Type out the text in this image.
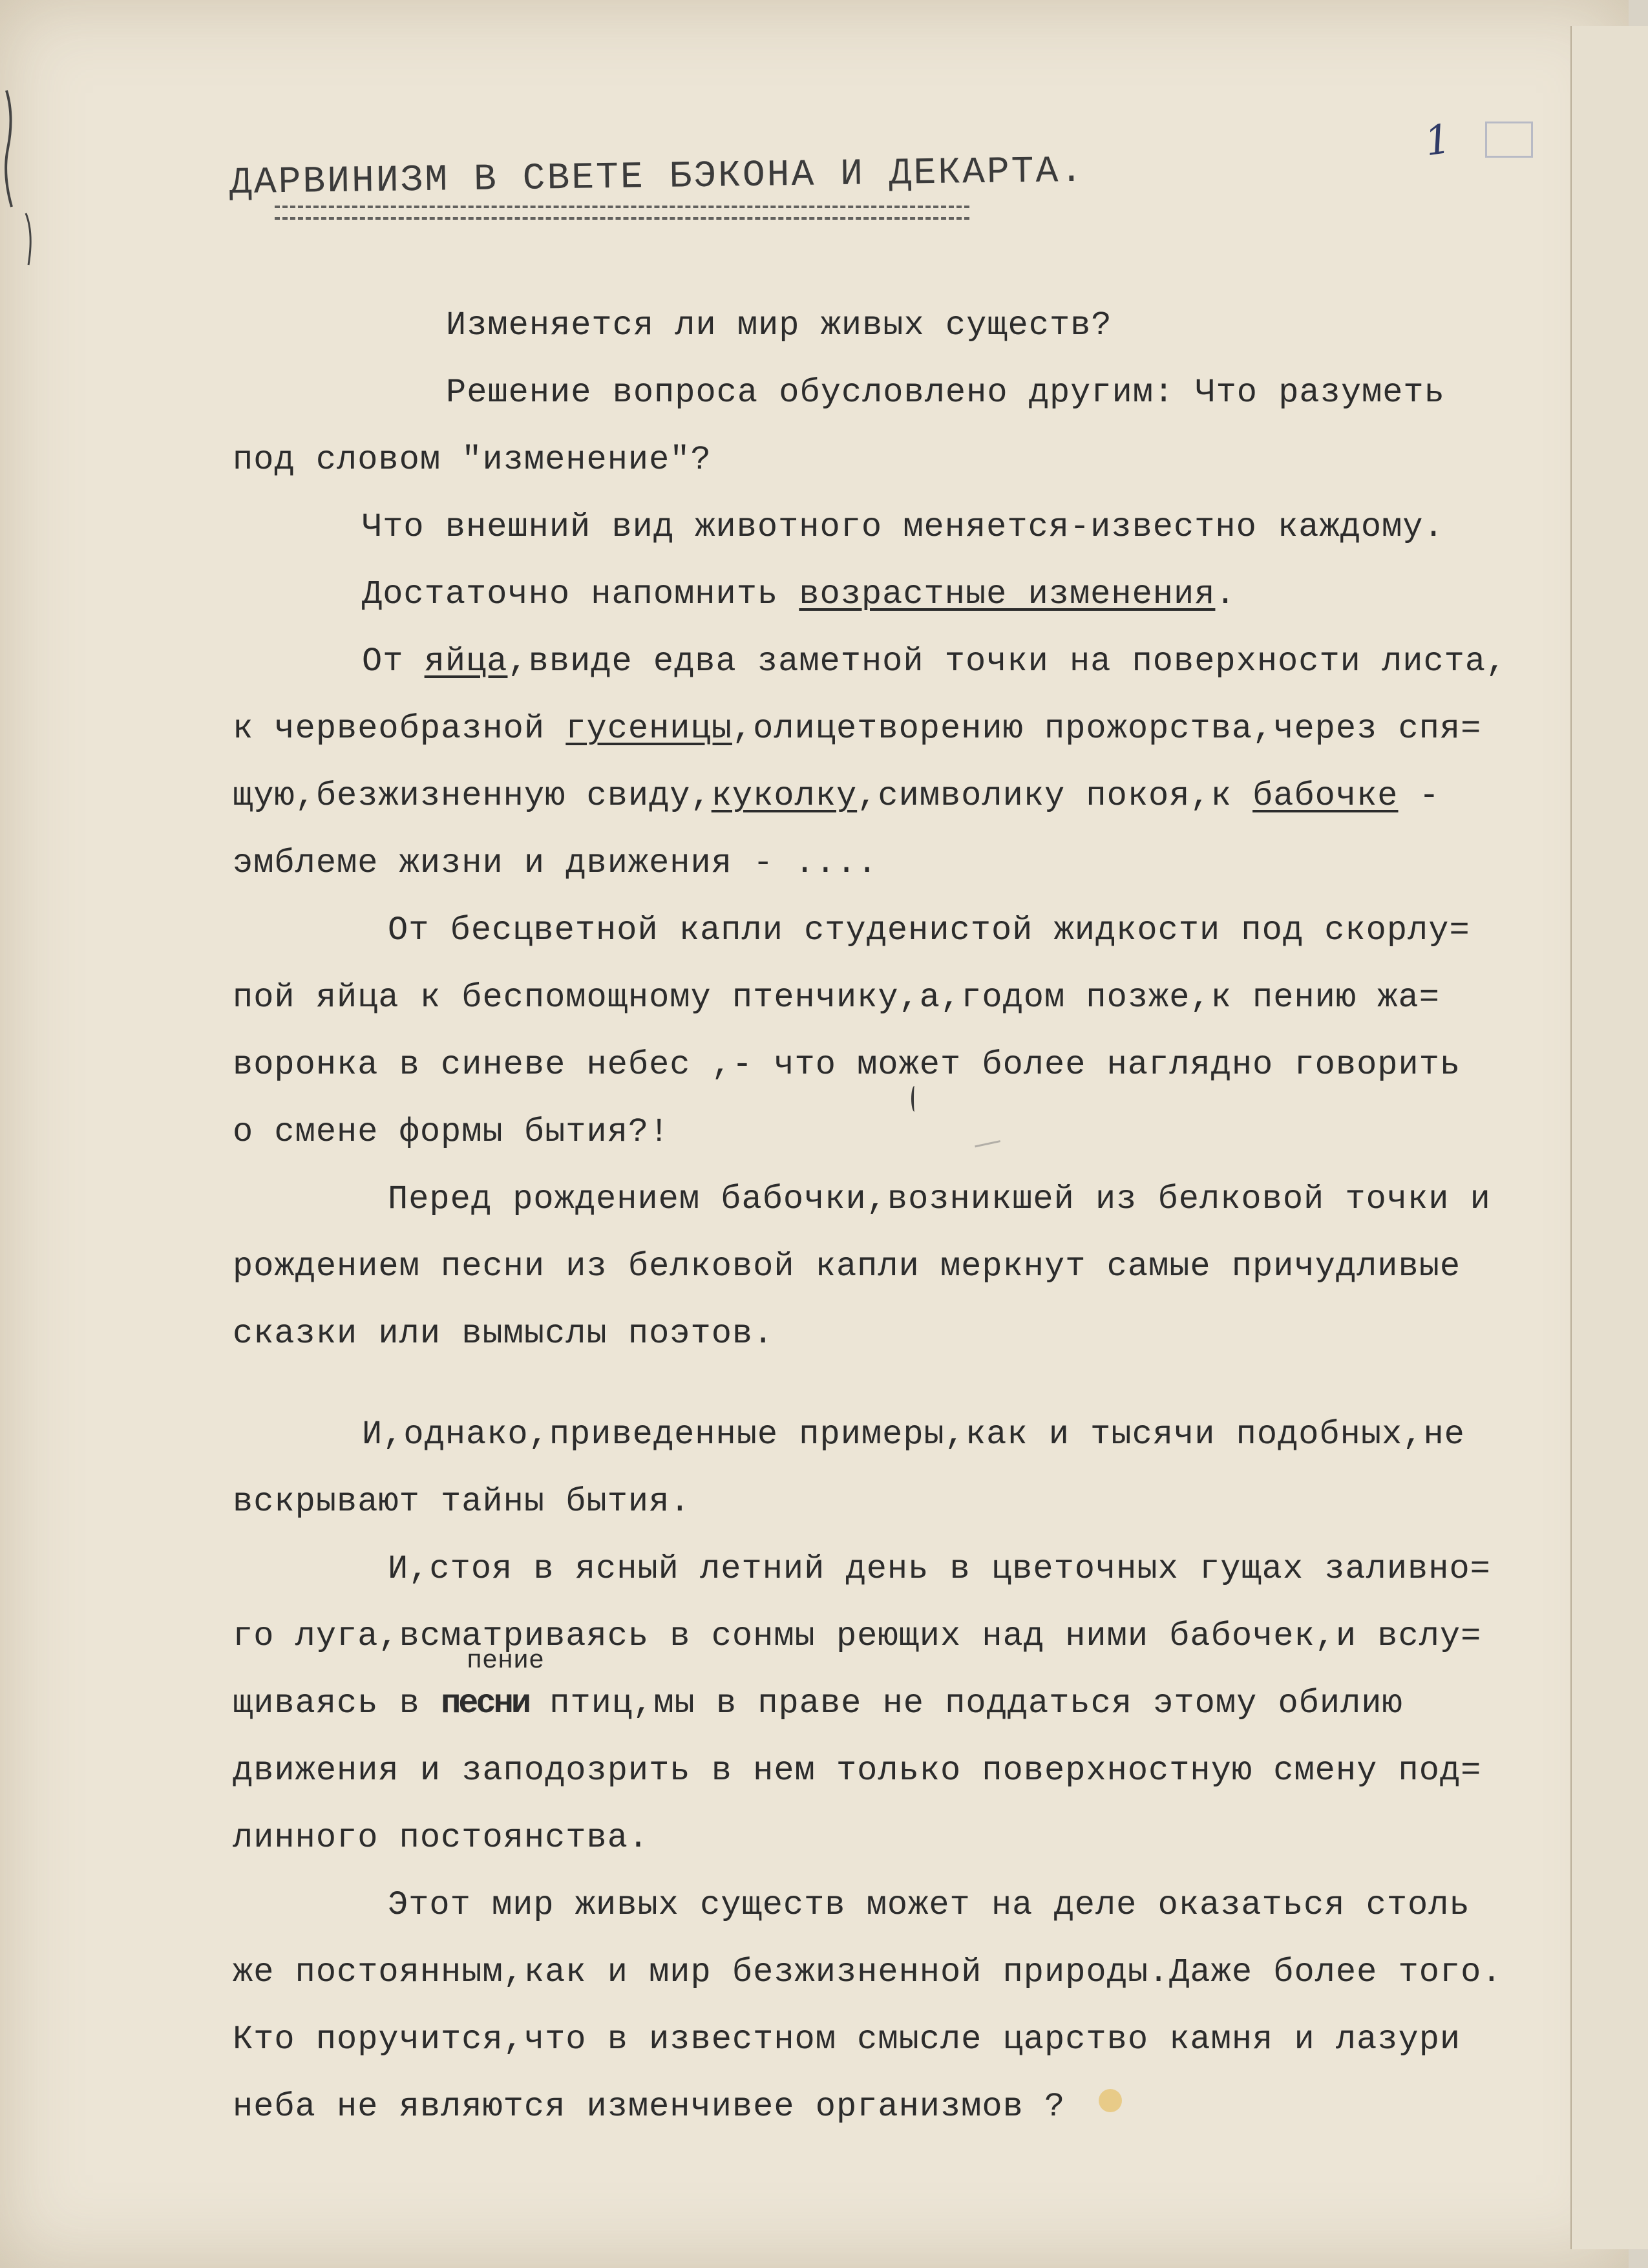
1
ДАРВИНИЗМ В СВЕТЕ БЭКОНА И ДЕКАРТА.
Изменяется ли мир живых существ?
Решение вопроса обусловлено другим: Что разуметь
под словом "изменение"?
Что внешний вид животного меняется-известно каждому.
Достаточно напомнить возрастные изменения.
От яйца,ввиде едва заметной точки на поверхности листа,
к червеобразной гусеницы,олицетворению прожорства,через спя=
щую,безжизненную свиду,куколку,символику покоя,к бабочке -
эмблеме жизни и движения - ....
От бесцветной капли студенистой жидкости под скорлу=
пой яйца к беспомощному птенчику,а,годом позже,к пению жа=
воронка в синеве небес ,- что может более наглядно говорить
о смене формы бытия?!
Перед рождением бабочки,возникшей из белковой точки и
рождением песни из белковой капли меркнут самые причудливые
сказки или вымыслы поэтов.
И,однако,приведенные примеры,как и тысячи подобных,не
вскрывают тайны бытия.
И,стоя в ясный летний день в цветочных гущах заливно=
го луга,всматриваясь в сонмы реющих над ними бабочек,и вслу=
пение
щиваясь в песни птиц,мы в праве не поддаться этому обилию
движения и заподозрить в нем только поверхностную смену под=
линного постоянства.
Этот мир живых существ может на деле оказаться столь
же постоянным,как и мир безжизненной природы.Даже более того.
Кто поручится,что в известном смысле царство камня и лазури
неба не являются изменчивее организмов ?
